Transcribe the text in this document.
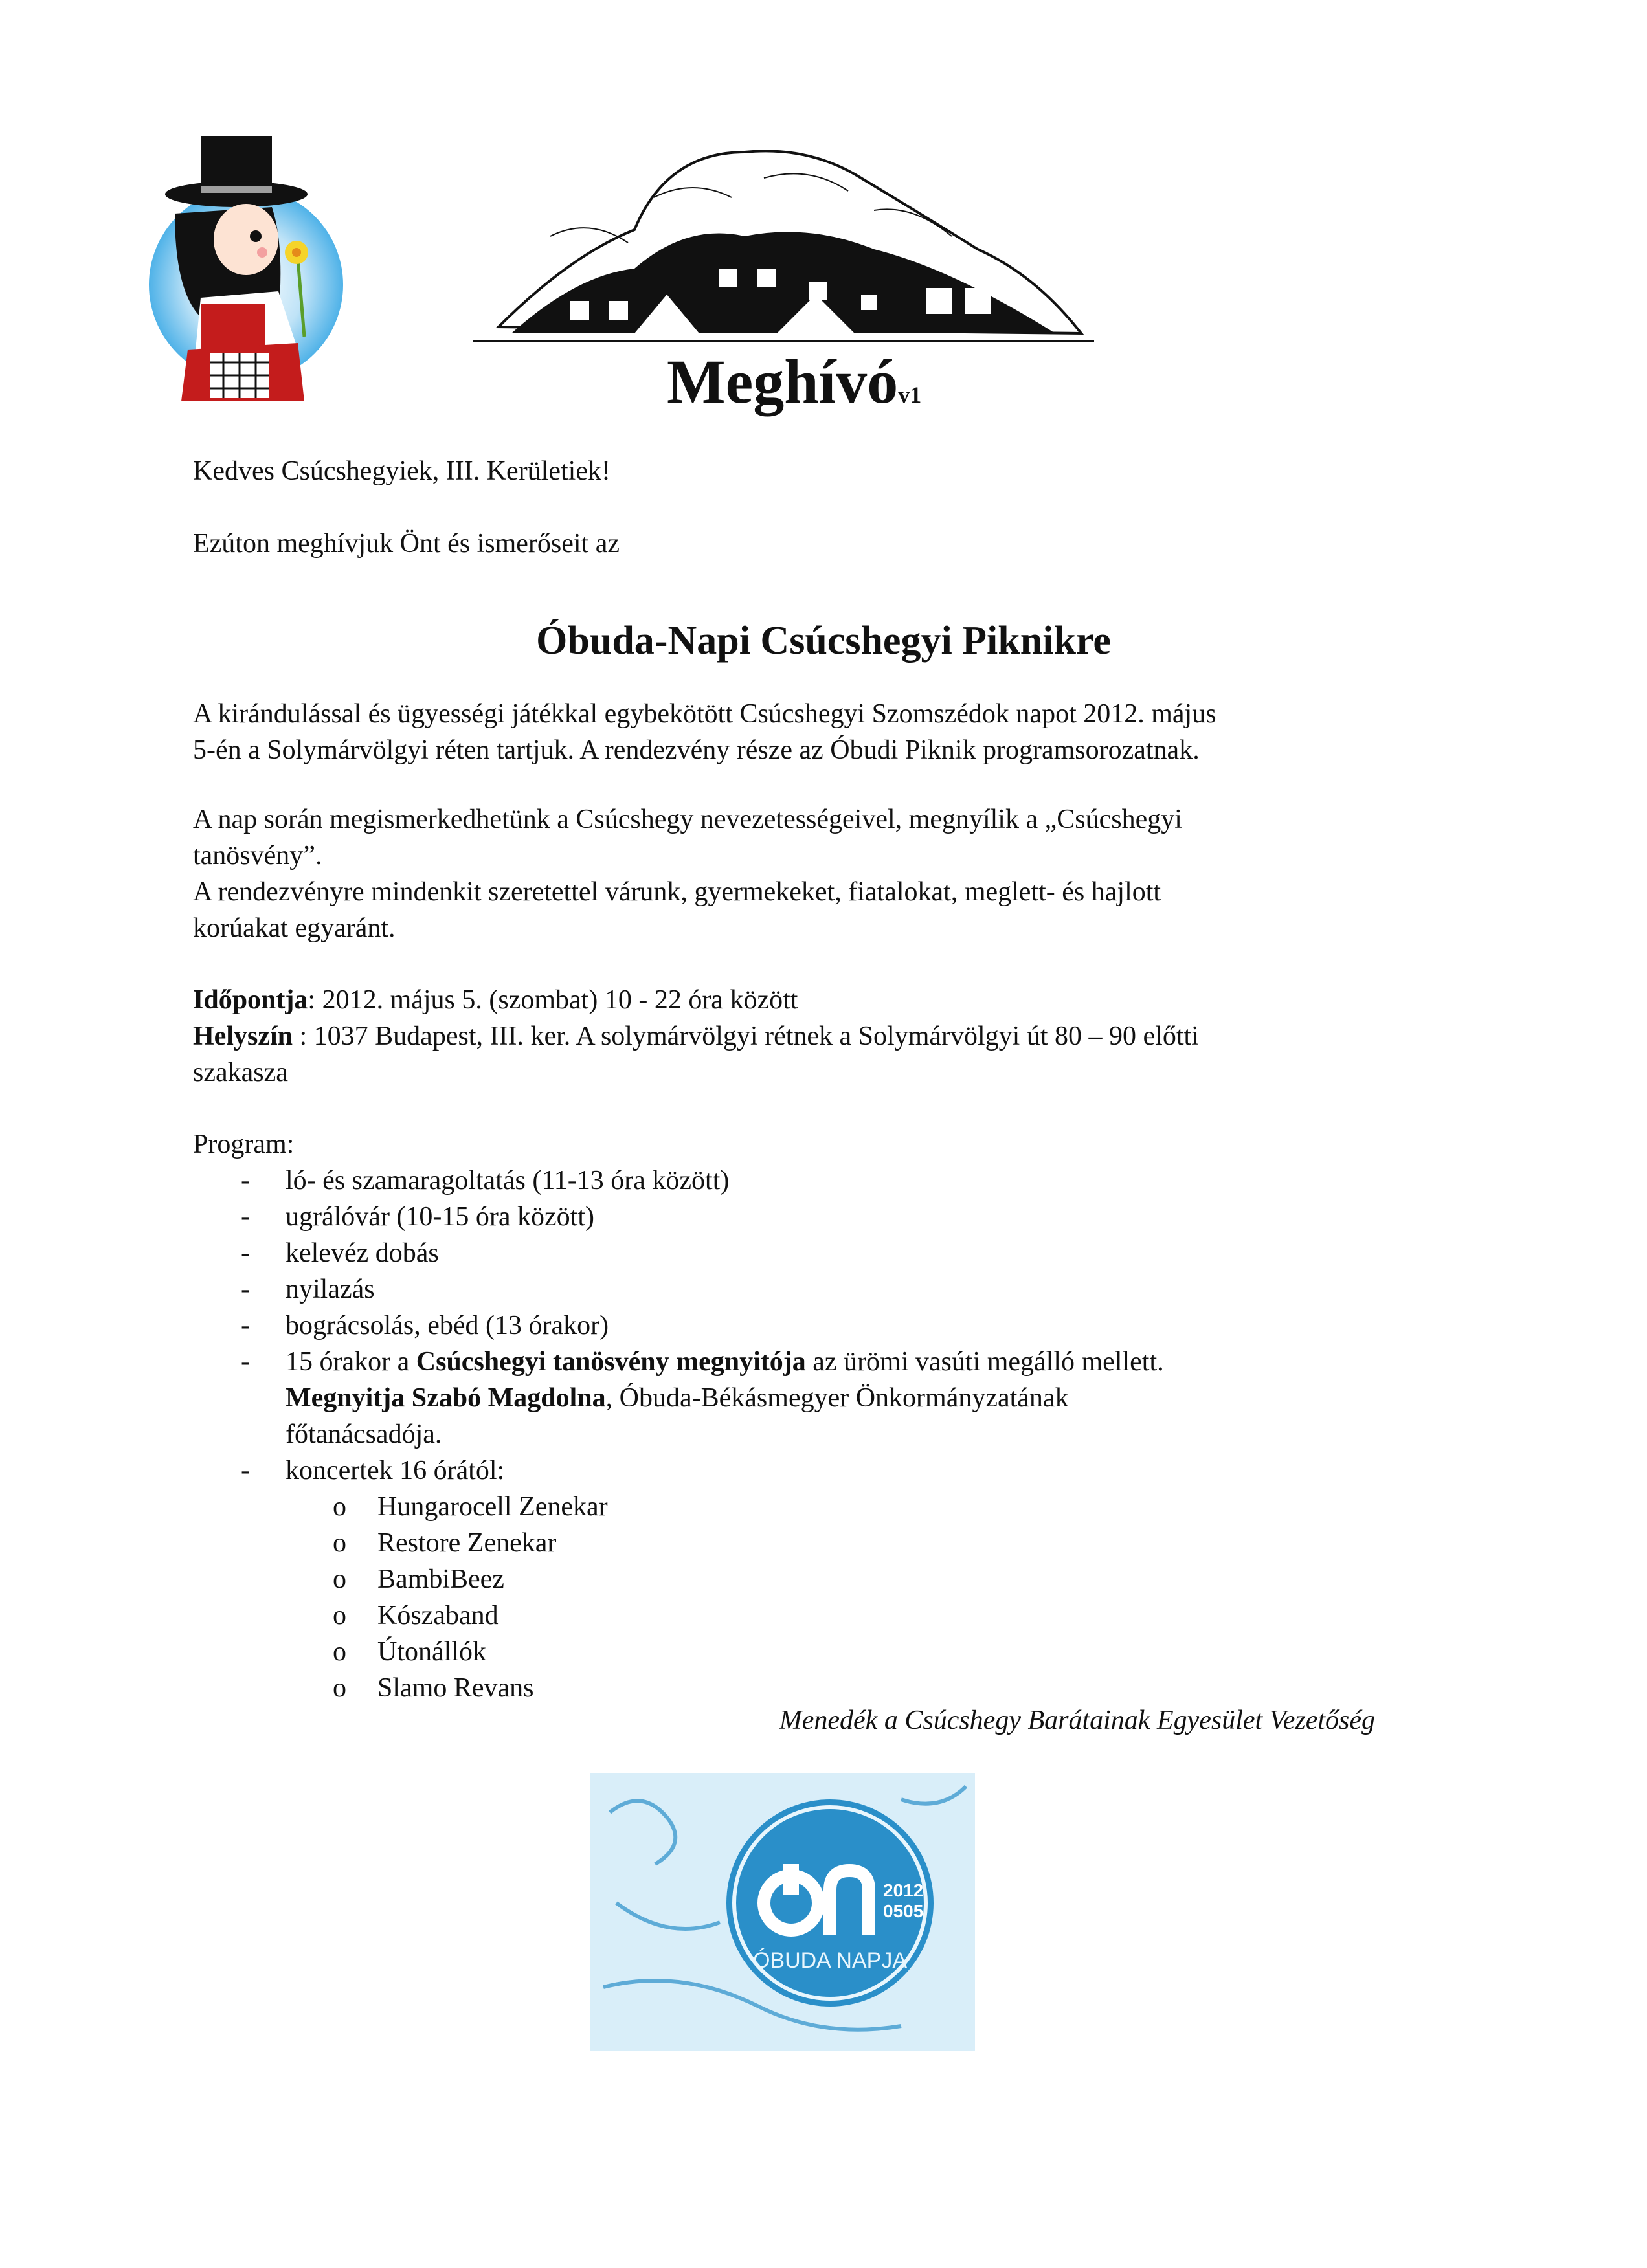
Meghívóv1
Kedves Csúcshegyiek, III. Kerületiek!
Ezúton meghívjuk Önt és ismerőseit az
Óbuda-Napi Csúcshegyi Piknikre
A kirándulással és ügyességi játékkal egybekötött Csúcshegyi Szomszédok napot 2012. május
5-én a Solymárvölgyi réten tartjuk. A rendezvény része az Óbudi Piknik programsorozatnak.
A nap során megismerkedhetünk a Csúcshegy nevezetességeivel, megnyílik a „Csúcshegyi
tanösvény”.
A rendezvényre mindenkit szeretettel várunk, gyermekeket, fiatalokat, meglett- és hajlott
korúakat egyaránt.
Időpontja: 2012. május 5. (szombat) 10 - 22 óra között
Helyszín : 1037 Budapest, III. ker. A solymárvölgyi rétnek a Solymárvölgyi út 80 – 90 előtti
szakasza
Program:
-
-
-
-
-
-
-
ló- és szamaragoltatás (11-13 óra között)
ugrálóvár (10-15 óra között)
kelevéz dobás
nyilazás
bográcsolás, ebéd (13 órakor)
15 órakor a Csúcshegyi tanösvény megnyitója az ürömi vasúti megálló mellett.
Megnyitja Szabó Magdolna, Óbuda-Békásmegyer Önkormányzatának
főtanácsadója.
koncertek 16 órától:
o
o
o
o
o
o
Hungarocell Zenekar
Restore Zenekar
BambiBeez
Kószaband
Útonállók
Slamo Revans
Menedék a Csúcshegy Barátainak Egyesület Vezetőség
2012
0505
ÓBUDA NAPJA
